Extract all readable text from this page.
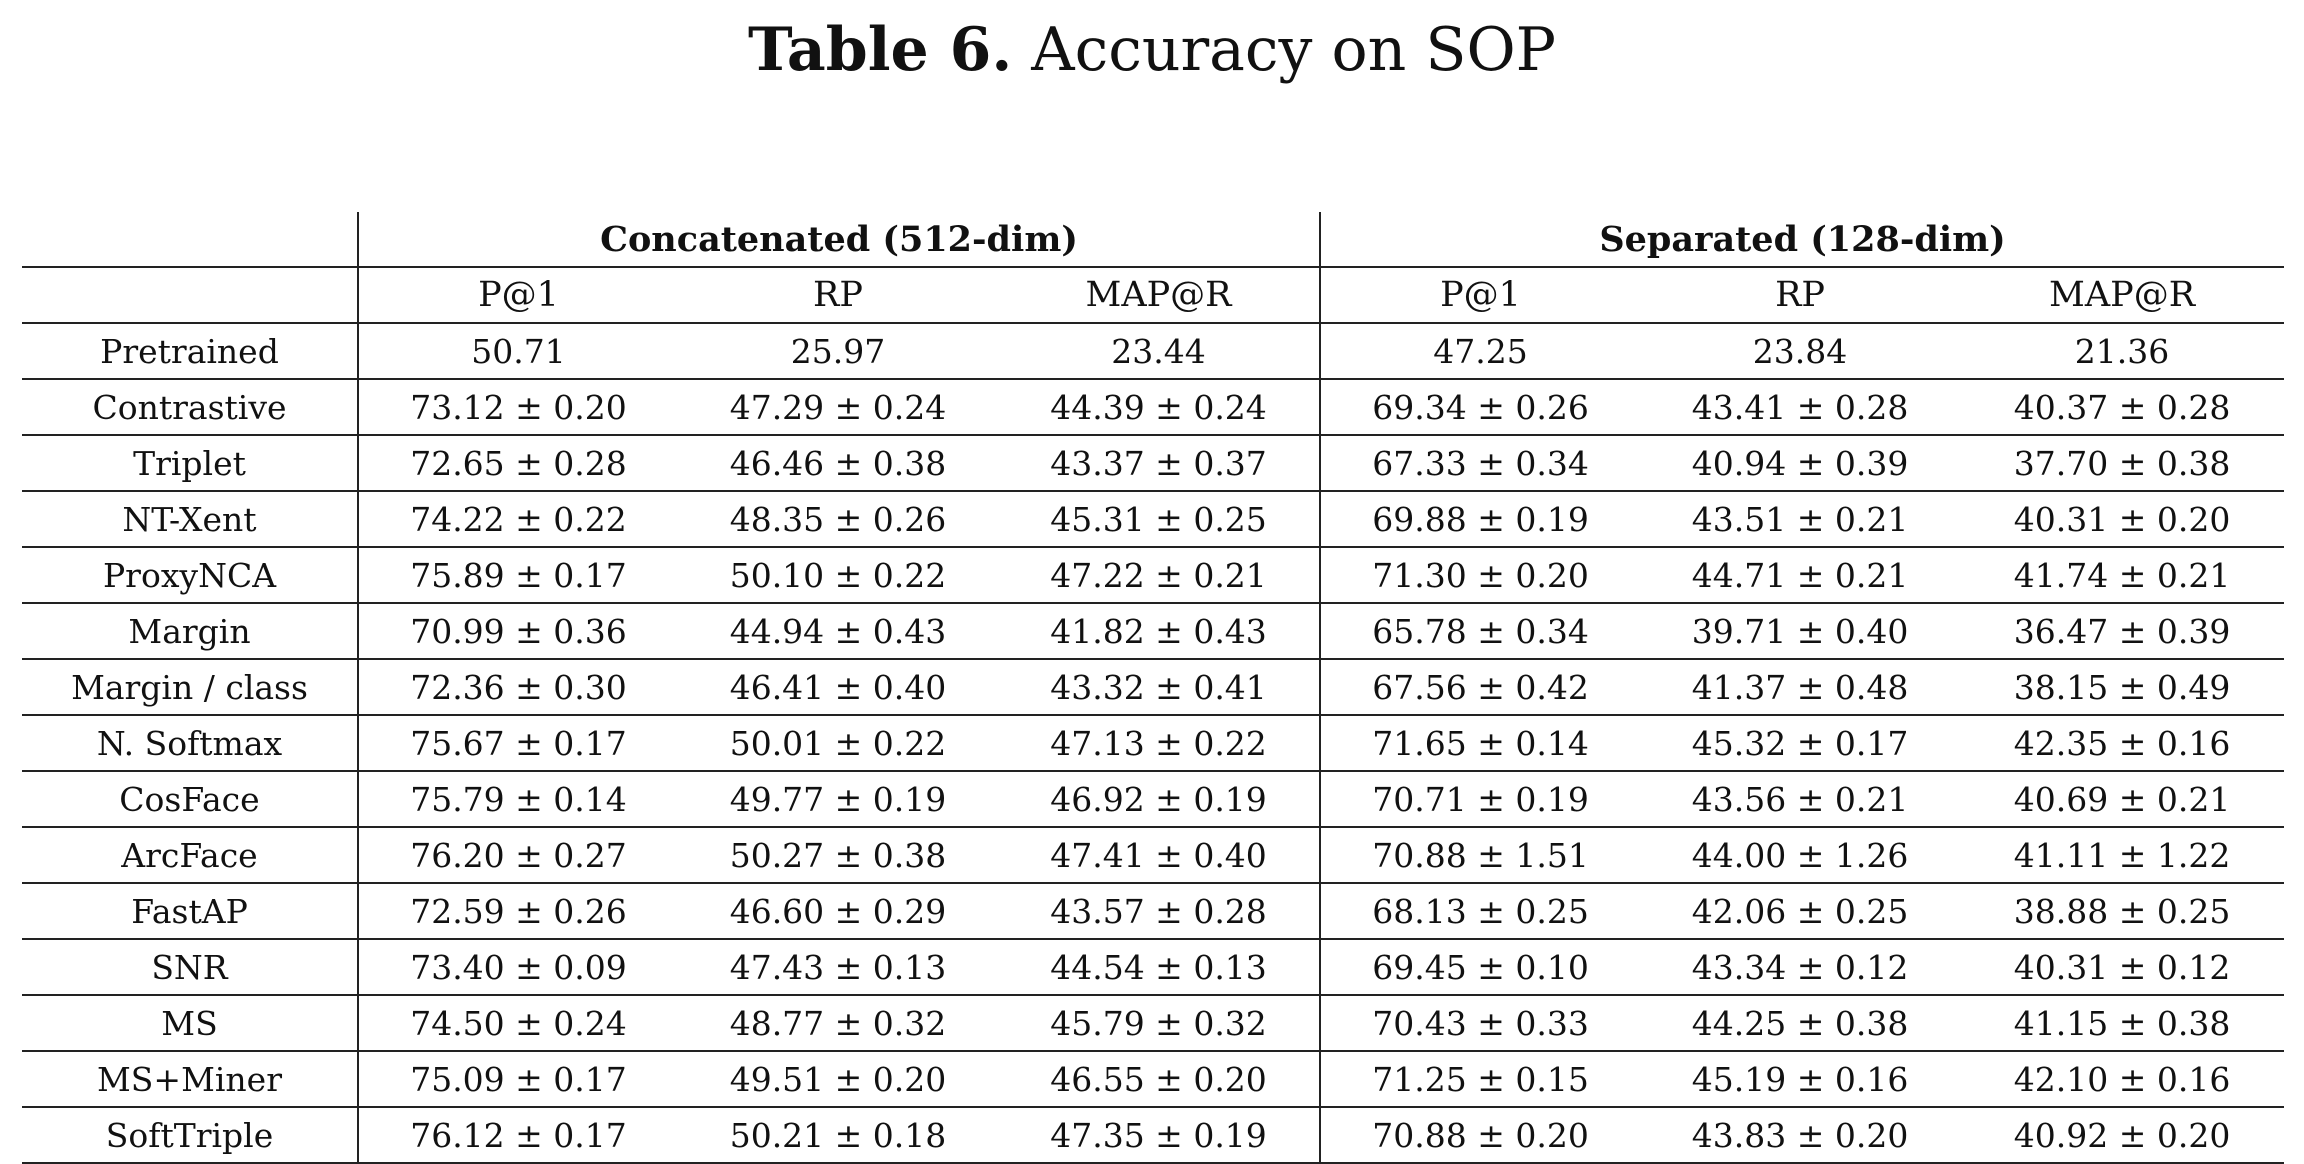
Table 6. Accuracy on SOP
	Concatenated (512-dim)			Separated (128-dim)		
	P@1	RP	MAP@R	P@1	RP	MAP@R
Pretrained	50.71	25.97	23.44	47.25	23.84	21.36
Contrastive	73.12 ± 0.20	47.29 ± 0.24	44.39 ± 0.24	69.34 ± 0.26	43.41 ± 0.28	40.37 ± 0.28
Triplet	72.65 ± 0.28	46.46 ± 0.38	43.37 ± 0.37	67.33 ± 0.34	40.94 ± 0.39	37.70 ± 0.38
NT-Xent	74.22 ± 0.22	48.35 ± 0.26	45.31 ± 0.25	69.88 ± 0.19	43.51 ± 0.21	40.31 ± 0.20
ProxyNCA	75.89 ± 0.17	50.10 ± 0.22	47.22 ± 0.21	71.30 ± 0.20	44.71 ± 0.21	41.74 ± 0.21
Margin	70.99 ± 0.36	44.94 ± 0.43	41.82 ± 0.43	65.78 ± 0.34	39.71 ± 0.40	36.47 ± 0.39
Margin / class	72.36 ± 0.30	46.41 ± 0.40	43.32 ± 0.41	67.56 ± 0.42	41.37 ± 0.48	38.15 ± 0.49
N. Softmax	75.67 ± 0.17	50.01 ± 0.22	47.13 ± 0.22	71.65 ± 0.14	45.32 ± 0.17	42.35 ± 0.16
CosFace	75.79 ± 0.14	49.77 ± 0.19	46.92 ± 0.19	70.71 ± 0.19	43.56 ± 0.21	40.69 ± 0.21
ArcFace	76.20 ± 0.27	50.27 ± 0.38	47.41 ± 0.40	70.88 ± 1.51	44.00 ± 1.26	41.11 ± 1.22
FastAP	72.59 ± 0.26	46.60 ± 0.29	43.57 ± 0.28	68.13 ± 0.25	42.06 ± 0.25	38.88 ± 0.25
SNR	73.40 ± 0.09	47.43 ± 0.13	44.54 ± 0.13	69.45 ± 0.10	43.34 ± 0.12	40.31 ± 0.12
MS	74.50 ± 0.24	48.77 ± 0.32	45.79 ± 0.32	70.43 ± 0.33	44.25 ± 0.38	41.15 ± 0.38
MS+Miner	75.09 ± 0.17	49.51 ± 0.20	46.55 ± 0.20	71.25 ± 0.15	45.19 ± 0.16	42.10 ± 0.16
SoftTriple	76.12 ± 0.17	50.21 ± 0.18	47.35 ± 0.19	70.88 ± 0.20	43.83 ± 0.20	40.92 ± 0.20
